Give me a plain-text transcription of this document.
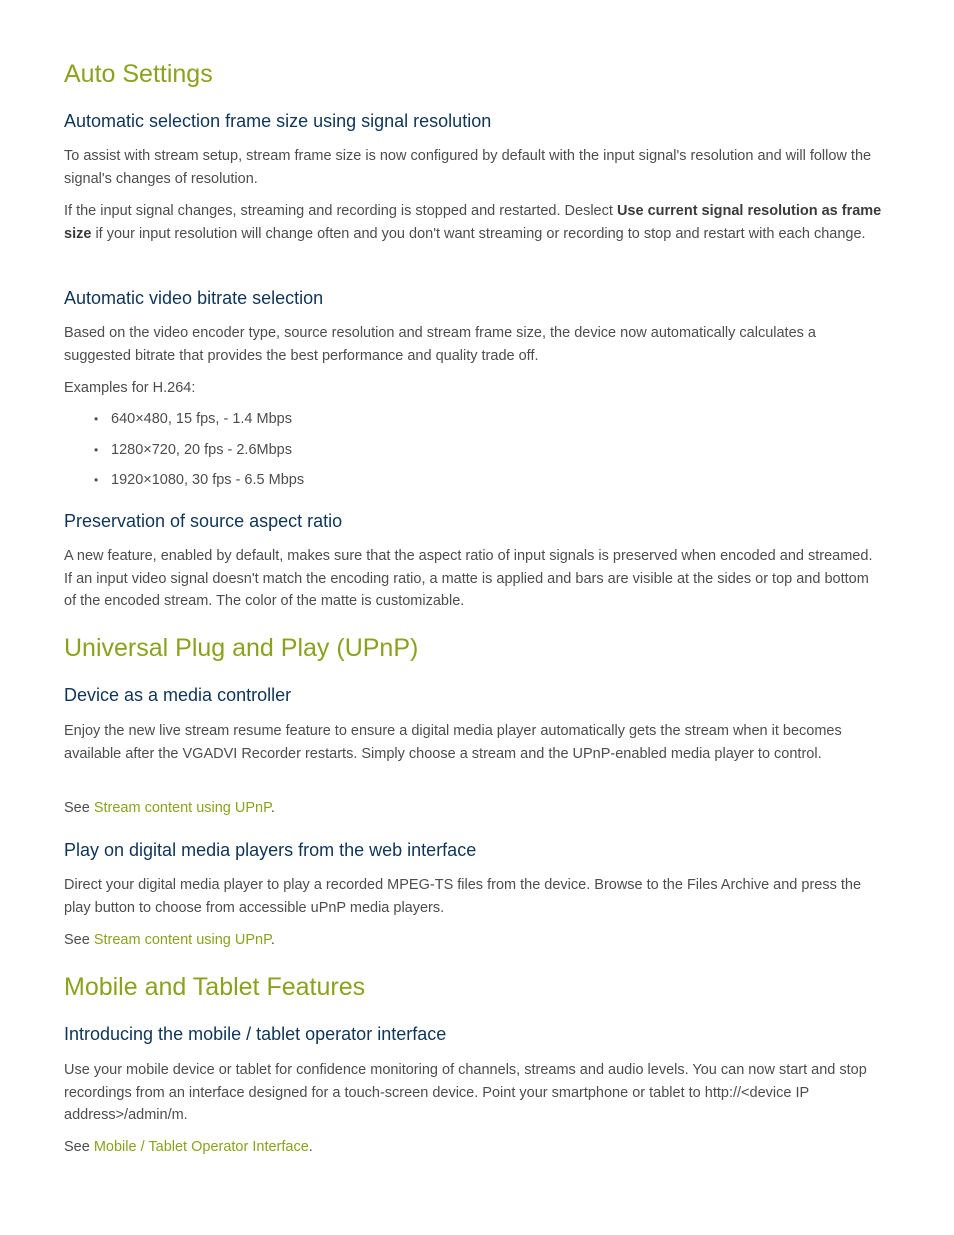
Auto Settings
Automatic selection frame size using signal resolution

To assist with stream setup, stream frame size is now configured by default with the input signal's resolution and will follow the signal's changes of resolution.

If the input signal changes, streaming and recording is stopped and restarted. Deslect Use current signal resolution as frame size if your input resolution will change often and you don't want streaming or recording to stop and restart with each change.

Automatic video bitrate selection

Based on the video encoder type, source resolution and stream frame size, the device now automatically calculates a suggested bitrate that provides the best performance and quality trade off.

Examples for H.264:

• 640×480, 15 fps, - 1.4 Mbps
• 1280×720, 20 fps - 2.6Mbps
• 1920×1080, 30 fps - 6.5 Mbps
Preservation of source aspect ratio

A new feature, enabled by default, makes sure that the aspect ratio of input signals is preserved when encoded and streamed. If an input video signal doesn't match the encoding ratio, a matte is applied and bars are visible at the sides or top and bottom of the encoded stream. The color of the matte is customizable.

Universal Plug and Play (UPnP)
Device as a media controller

Enjoy the new live stream resume feature to ensure a digital media player automatically gets the stream when it becomes available after the VGADVI Recorder restarts. Simply choose a stream and the UPnP-enabled media player to control.

See Stream content using UPnP.

Play on digital media players from the web interface

Direct your digital media player to play a recorded MPEG-TS files from the device. Browse to the Files Archive and press the play button to choose from accessible uPnP media players.

See Stream content using UPnP.

Mobile and Tablet Features
Introducing the mobile / tablet operator interface

Use your mobile device or tablet for confidence monitoring of channels, streams and audio levels. You can now start and stop recordings from an interface designed for a touch-screen device. Point your smartphone or tablet to http://<device IP address>/admin/m.

See Mobile / Tablet Operator Interface.
